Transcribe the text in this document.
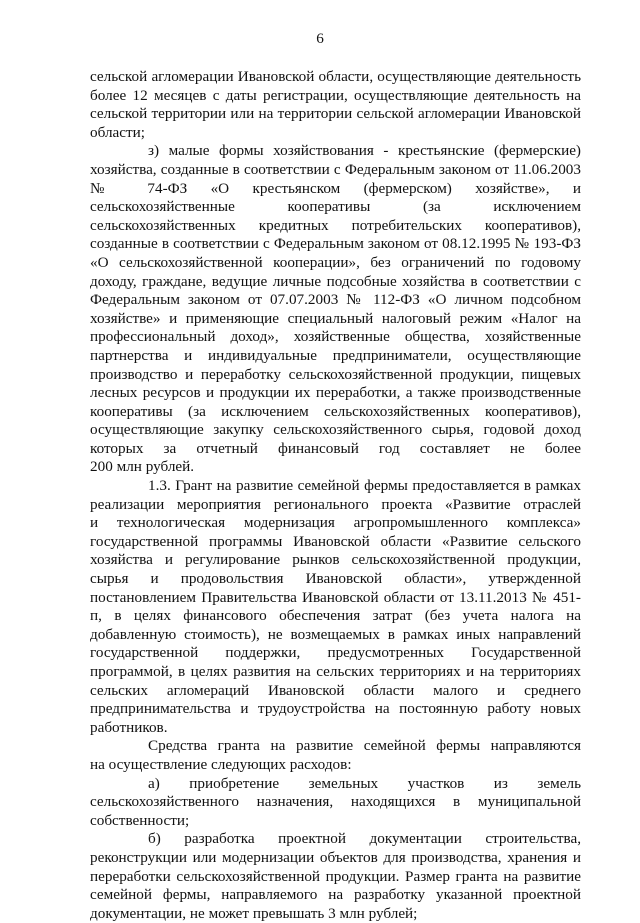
6
сельской агломерации Ивановской области, осуществляющие деятельность
более 12 месяцев с даты регистрации, осуществляющие деятельность на
сельской территории или на территории сельской агломерации Ивановской
области;
з) малые формы хозяйствования - крестьянские (фермерские)
хозяйства, созданные в соответствии с Федеральным законом от 11.06.2003
№ 74-ФЗ «О крестьянском (фермерском) хозяйстве», и
сельскохозяйственные кооперативы (за исключением
сельскохозяйственных кредитных потребительских кооперативов),
созданные в соответствии с Федеральным законом от 08.12.1995 № 193-ФЗ
«О сельскохозяйственной кооперации», без ограничений по годовому
доходу, граждане, ведущие личные подсобные хозяйства в соответствии с
Федеральным законом от 07.07.2003 № 112-ФЗ «О личном подсобном
хозяйстве» и применяющие специальный налоговый режим «Налог на
профессиональный доход», хозяйственные общества, хозяйственные
партнерства и индивидуальные предприниматели, осуществляющие
производство и переработку сельскохозяйственной продукции, пищевых
лесных ресурсов и продукции их переработки, а также производственные
кооперативы (за исключением сельскохозяйственных кооперативов),
осуществляющие закупку сельскохозяйственного сырья, годовой доход
которых за отчетный финансовый год составляет не более
200 млн рублей.
1.3. Грант на развитие семейной фермы предоставляется в рамках
реализации мероприятия регионального проекта «Развитие отраслей
и технологическая модернизация агропромышленного комплекса»
государственной программы Ивановской области «Развитие сельского
хозяйства и регулирование рынков сельскохозяйственной продукции,
сырья и продовольствия Ивановской области», утвержденной
постановлением Правительства Ивановской области от 13.11.2013 № 451-
п, в целях финансового обеспечения затрат (без учета налога на
добавленную стоимость), не возмещаемых в рамках иных направлений
государственной поддержки, предусмотренных Государственной
программой, в целях развития на сельских территориях и на территориях
сельских агломераций Ивановской области малого и среднего
предпринимательства и трудоустройства на постоянную работу новых
работников.
Средства гранта на развитие семейной фермы направляются
на осуществление следующих расходов:
а) приобретение земельных участков из земель
сельскохозяйственного назначения, находящихся в муниципальной
собственности;
б) разработка проектной документации строительства,
реконструкции или модернизации объектов для производства, хранения и
переработки сельскохозяйственной продукции. Размер гранта на развитие
семейной фермы, направляемого на разработку указанной проектной
документации, не может превышать 3 млн рублей;
